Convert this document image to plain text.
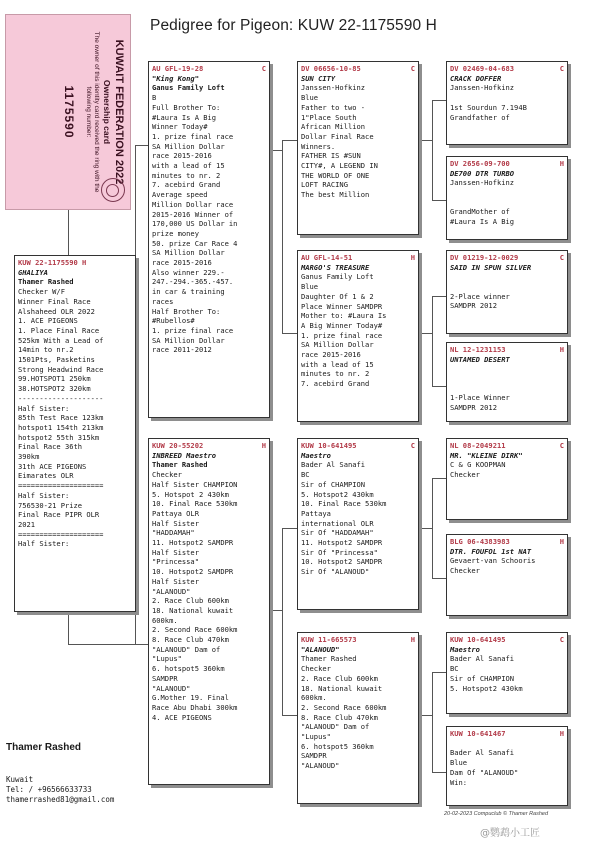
Pedigree for Pigeon: KUW 22-1175590 H
KUWAIT FEDERATION 2022
Ownership card
The owner of this identity card received the ring with the following number:
1175590
KUW 22-1175590 H
GHALIYA
Thamer Rashed
Checker W/F
Winner Final Race
Alshaheed OLR 2022
1. ACE PIGEONS
1. Place Final Race
525km With a Lead of
14min to nr.2
1501Pts, Pasketins
Strong Headwind Race
99.HOTSPOT1 250km
38.HOTSPOT2 320km
--------------------
Half Sister:
85th Test Race 123km
hotspot1 154th 213km
hotspot2 55th 315km
Final Race 36th
390km
31th ACE PIGEONS
Eimarates OLR
====================
Half Sister:
756530-21 Prize
Final Race PIPR OLR
2021
====================
Half Sister:
AU GFL-19-28	C
"King Kong"
Ganus Family Loft
B
Full Brother To:
#Laura Is A Big
Winner Today#
1. prize final race
SA Million Dollar
race 2015-2016
with a lead of 15
minutes to nr. 2
7. acebird Grand
Average speed
Million Dollar race
2015-2016 Winner of
170,000 US Dollar in
prize money
50. prize Car Race 4
SA Million Dollar
race 2015-2016
Also winner 229.-
247.-294.-365.-457.
in car & training
races
Half Brother To:
#Rubellos#
1. prize final race
SA Million Dollar
race 2011-2012
KUW 20-55202	H
INBREED Maestro
Thamer Rashed
Checker
Half Sister CHAMPION
5. Hotspot 2 430km
10. Final Race 530km
Pattaya OLR
Half Sister
"HADDAMAH"
11. Hotspot2 SAMDPR
Half Sister
"Princessa"
10. Hotspot2 SAMDPR
Half Sister
"ALANOUD"
2. Race Club 600km
18. National kuwait
600km.
2. Second Race 600km
8. Race Club 470km
"ALANOUD" Dam of
"Lupus"
6. hotspot5 360km
SAMDPR
"ALANOUD"
G.Mother 19. Final
Race Abu Dhabi 300km
4. ACE PIGEONS
DV 06656-10-85	C
SUN CITY
Janssen-Hofkinz
Blue
Father to two -
1"Place South
African Million
Dollar Final Race
Winners.
FATHER IS #SUN
CITY#, A LEGEND IN
THE WORLD OF ONE
LOFT RACING
The best Million
AU GFL-14-51	H
MARGO'S TREASURE
Ganus Family Loft
Blue
Daughter Of 1 & 2
Place Winner SAMDPR
Mother to: #Laura Is
A Big Winner Today#
1. prize final race
SA Million Dollar
race 2015-2016
with a lead of 15
minutes to nr. 2
7. acebird Grand
KUW 10-641495	C
Maestro
Bader Al Sanafi
BC
Sir of CHAMPION
5. Hotspot2 430km
10. Final Race 530km
Pattaya
international OLR
Sir Of "HADDAMAH"
11. Hotspot2 SAMDPR
Sir Of "Princessa"
10. Hotspot2 SAMDPR
Sir Of "ALANOUD"
KUW 11-665573	H
"ALANOUD"
Thamer Rashed
Checker
2. Race Club 600km
18. National kuwait
600km.
2. Second Race 600km
8. Race Club 470km
"ALANOUD" Dam of
"Lupus"
6. hotspot5 360km
SAMDPR
"ALANOUD"
DV 02469-04-683	C
CRACK DOFFER
Janssen-Hofkinz
1st Sourdun 7.194B
Grandfather of
DV 2656-09-700	H
DE700 DTR TURBO
Janssen-Hofkinz
GrandMother of
#Laura Is A Big
DV 01219-12-0029	C
SAID IN SPUN SILVER
2-Place winner
SAMDPR 2012
NL 12-1231153	H
UNTAMED DESERT
1-Place Winner
SAMDPR 2012
NL 08-2049211	C
MR. "KLEINE DIRK"
C & G KOOPMAN
Checker
BLG 06-4383983	H
DTR. FOUFOL 1st NAT
Gevaert-van Schooris
Checker
KUW 10-641495	C
Maestro
Bader Al Sanafi
BC
Sir of CHAMPION
5. Hotspot2 430km
KUW 10-641467	H
Bader Al Sanafi
Blue
Dam Of "ALANOUD"
Win:
Thamer Rashed
Kuwait
Tel: / +96566633733
thamerrashed81@gmail.com
20-02-2023 Compuclub © Thamer Rashed
@鹦鹉小工匠
